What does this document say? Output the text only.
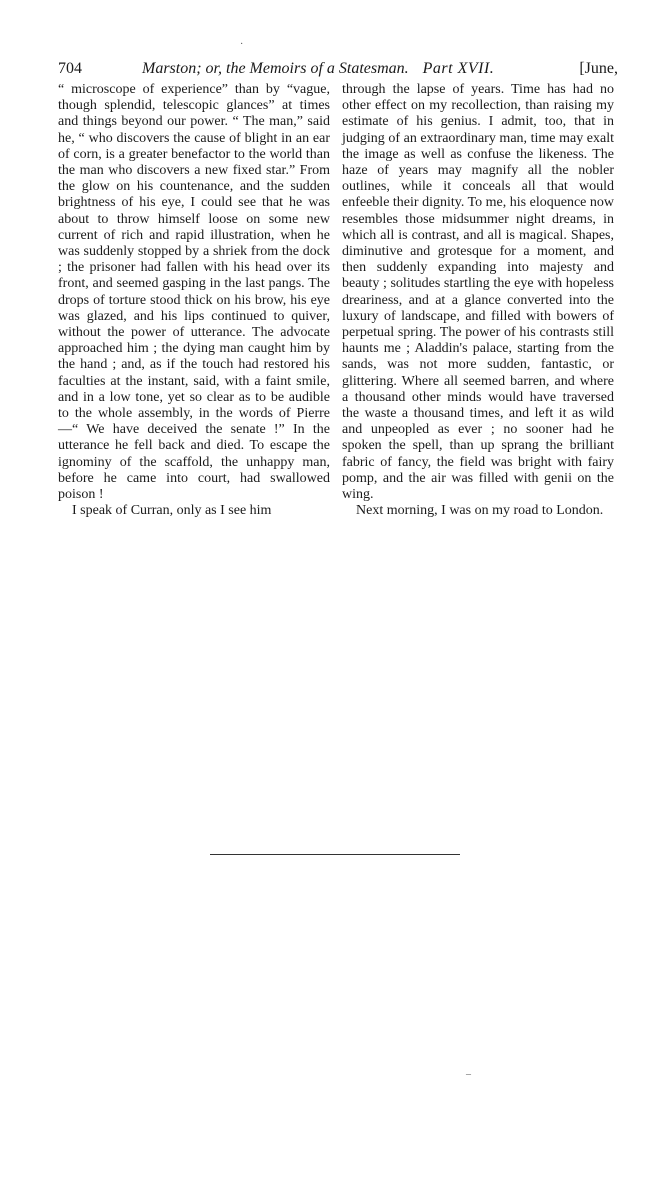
·
704	Marston; or, the Memoirs of a Statesman. Part XVII.	[June,

“ microscope of experience” than by “vague, though splendid, telescopic glances” at times and things beyond our power. “ The man,” said he, “ who discovers the cause of blight in an ear of corn, is a greater benefactor to the world than the man who discovers a new fixed star.” From the glow on his countenance, and the sudden brightness of his eye, I could see that he was about to throw himself loose on some new current of rich and rapid illustration, when he was suddenly stopped by a shriek from the dock ; the prisoner had fallen with his head over its front, and seemed gasping in the last pangs. The drops of torture stood thick on his brow, his eye was glazed, and his lips continued to quiver, without the power of utterance. The advocate approached him ; the dying man caught him by the hand ; and, as if the touch had restored his faculties at the instant, said, with a faint smile, and in a low tone, yet so clear as to be audible to the whole assembly, in the words of Pierre—“ We have deceived the senate !” In the utterance he fell back and died. To escape the ignominy of the scaffold, the unhappy man, before he came into court, had swallowed poison !

I speak of Curran, only as I see him

through the lapse of years. Time has had no other effect on my recollection, than raising my estimate of his genius. I admit, too, that in judging of an extraordinary man, time may exalt the image as well as confuse the likeness. The haze of years may magnify all the nobler outlines, while it conceals all that would enfeeble their dignity. To me, his eloquence now resembles those midsummer night dreams, in which all is contrast, and all is magical. Shapes, diminutive and grotesque for a moment, and then suddenly expanding into majesty and beauty ; solitudes startling the eye with hopeless dreariness, and at a glance converted into the luxury of landscape, and filled with bowers of perpetual spring. The power of his contrasts still haunts me ; Aladdin's palace, starting from the sands, was not more sudden, fantastic, or glittering. Where all seemed barren, and where a thousand other minds would have traversed the waste a thousand times, and left it as wild and unpeopled as ever ; no sooner had he spoken the spell, than up sprang the brilliant fabric of fancy, the field was bright with fairy pomp, and the air was filled with genii on the wing.

Next morning, I was on my road to London.

–
